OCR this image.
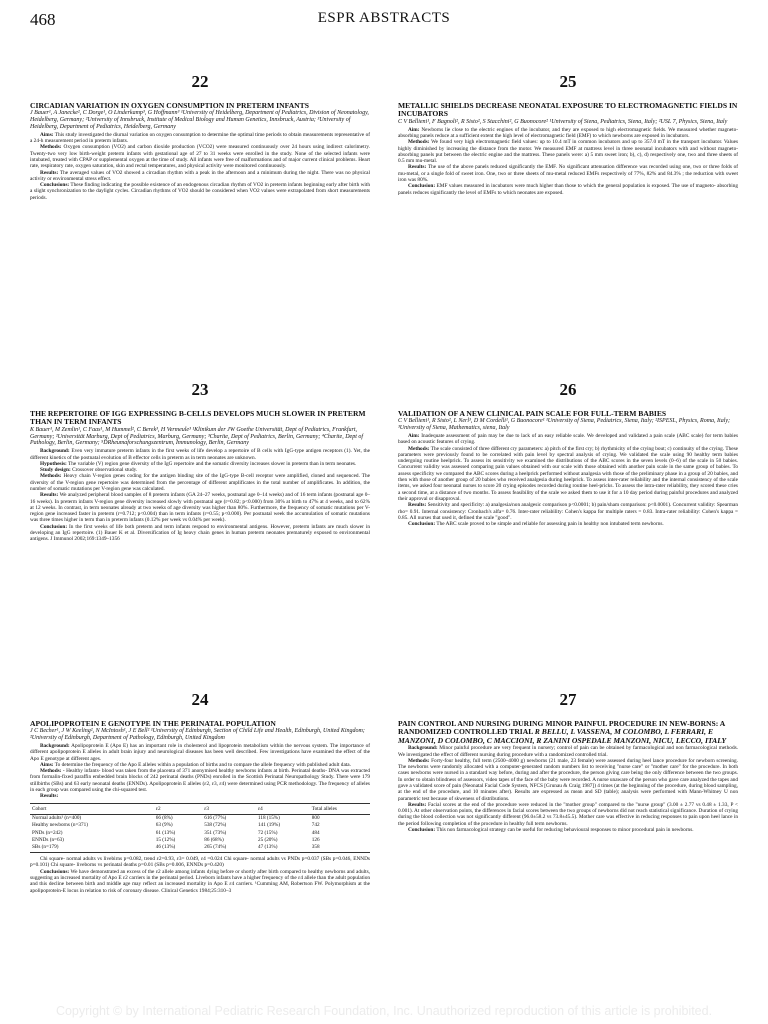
468	ESPR ABSTRACTS
22
CIRCADIAN VARIATION IN OXYGEN CONSUMPTION IN PRETERM INFANTS
J Bauer¹, A Janecke², C Dorge¹, O Linderkamp³, G Hoffmann³ ¹University of Heidelberg, Department of Pediatrics, Division of Neonatology, Heidelberg, Germany; ²University of Innsbruck, Institute of Medical Biology and Human Genetics, Innsbruck, Austria; ³University of Heidelberg, Department of Pediatrics, Heidelberg, Germany

Aims: This study investigated the diurnal variation on oxygen consumption to determine the optimal time periods to obtain measurements representative of a 24-h measurement period in preterm infants.

Methods: Oxygen consumption (VO2) and carbon dioxide production (VCO2) were measured continuously over 24 hours using indirect calorimetry. Twenty-two very low birth-weight preterm infants with gestational age of 27 to 31 weeks were enrolled in the study. None of the selected infants were intubated, treated with CPAP or supplemental oxygen at the time of study. All infants were free of malformations and of major current clinical problems. Heart rate, respiratory rate, oxygen saturation, skin and rectal temperatures, and physical activity were monitored continuously.

Results: The averaged values of VO2 showed a circadian rhythm with a peak in the afternoon and a minimum during the night. There was no physical activity or environmental stress effect.

Conclusions: These finding indicating the possible existence of an endogenous circadian rhythm of VO2 in preterm infants beginning early after birth with a slight synchronization to the daylight cycles. Circadian rhythms of VO2 should be considered when VO2 values were extrapolated from short measurements periods.

25
METALLIC SHIELDS DECREASE NEONATAL EXPOSURE TO ELECTROMAGNETIC FIELDS IN INCUBATORS
C V Bellieni¹, F Bagnoli², R Sisto², S Stacchini², G Buonocore² ¹University of Siena, Pediatrics, Siena, Italy; ²USL 7, Physics, Siena, Italy

Aim: Newborns lie close to the electric engines of the incubator, and they are exposed to high electromagnetic fields. We measured whether magneto-absorbing panels reduce at a sufficient extent the high level of electromagnetic field (EMF) to which newborns are exposed in incubators.

Methods: We found very high electromagnetic field values: up to 10.4 mT in common incubators and up to 357.0 mT in the transport incubator. Values highly diminished by increasing the distance from the motor. We measured EMF at mattress level in three neonatal incubators with and without magneto-absorbing panels put between the electric engine and the mattress. These panels were: a) 5 mm sweet iron; b), c), d) respectively one, two and three sheets of 0.5 mm mu-metal.

Results: The use of the above panels reduced significantly the EMF. No significant attenuation difference was recorded using one, two or three folds of mu-metal, or a single fold of sweet iron. One, two or three sheets of mu-metal reduced EMFs respectively of 77%, 82% and 84.3% ; the reduction with sweet iron was 80%.

Conclusion: EMF values measured in incubators were much higher than those to which the general population is exposed. The use of magneto- absorbing panels reduces significantly the level of EMFs to which neonates are exposed.

23
THE REPERTOIRE OF IGG EXPRESSING B-CELLS DEVELOPS MUCH SLOWER IN PRETERM THAN IN TERM INFANTS
K Bauer¹, M Zemlin¹, C Faas¹, M Hummel², C Berek³, H Vermeule³ ¹Klinikum der JW Goethe Universität, Dept of Pediatrics, Frankfurt, Germany; ²Universität Marburg, Dept of Pediatrics, Marburg, Germany; ³Charite, Dept of Pediatrics, Berlin, Germany; ⁴Charite, Dept of Pathology, Berlin, Germany; ⁵DRheumaforschungszentrum, Immunology, Berlin, Germany

Background: Even very immature preterm infants in the first weeks of life develop a repertoire of B cells with IgG-type antigen receptors (1). Yet, the different kinetics of the postnatal evolution of B effector cells in preterm as in term neonates are unknown.

Hypothesis: The variable (V) region gene diversity of the IgG repertoire and the somatic diversity increases slower in preterm than in term neonates.

Study design: Crossover observational study.

Methods: Heavy chain V-region genes coding for the antigen binding site of the IgG-type B-cell receptor were amplified, cloned and sequenced. The diversity of the V-region gene repertoire was determined from the percentage of different amplificates in the total number of amplificates. In addition, the number of somatic mutations per V-region gene was calculated.

Results: We analyzed peripheral blood samples of 8 preterm infants (GA 24–27 weeks, postnatal age 0–14 weeks) and of 16 term infants (postnatal age 0–16 weeks). In preterm infants V-region gene diversity increased slowly with postnatal age (r=0.82; p<0.000) from 30% at birth to 47% at 4 weeks, and to 62% at 12 weeks. In contrast, in term neonates already at two weeks of age diversity was higher than 80%. Furthermore, the frequency of somatic mutations per V-region gene increased faster in preterm (r=0.712; p<0.004) than in term infants (r=0.55; p<0.000). Per postnatal week the accumulation of somatic mutations was three times higher in term than in preterm infants (0.12% per week vs 0.04% per week).

Conclusion: In the first weeks of life both preterm and term infants respond to environmental antigens. However, preterm infants are much slower in developing an IgG repertoire. (1) Bauer K et al. Diversification of Ig heavy chain genes in human preterm neonates prematurely exposed to environmental antigens. J Immunol 2002;169:1349–1356

26
VALIDATION OF A NEW CLINICAL PAIN SCALE FOR FULL-TERM BABIES
C V Bellieni¹, R Sisto², L Nerl³, D M Cordelli¹, G Buonocore¹ ¹University of Siena, Pediatrics, Siena, Italy; ²ISPESL, Physics, Roma, Italy; ³University of Siena, Mathematics, siena, Italy

Aim: Inadequate assessment of pain may be due to lack of an easy reliable scale. We developed and validated a pain scale (ABC scale) for term babies based on acoustic features of crying.

Methods: The scale consisted of three different cry parameters: a) pitch of the first cry; b) rhythmicity of the crying bout; c) continuity of the crying. These parameters were previously found to be correlated with pain level by spectral analysis of crying. We validated the scale using 90 healthy term babies undergoing routine heelprick. To assess its sensitivity we examined the distributions of the ABC scores in the seven levels (0–6) of the scale in 50 babies. Concurrent validity was assessed comparing pain values obtained with our scale with those obtained with another pain scale in the same group of babies. To assess specificity we compared the ABC scores during a heelprick performed without analgesia with those of the preliminary phase in a group of 20 babies, and then with those of another group of 20 babies who received analgesia during heelprick. To assess inter-rater reliability and the internal consistency of the scale items, we asked four neonatal nurses to score 20 crying episodes recorded during routine heel-pricks. To assess the intra-rater reliability, they scored these cries a second time, at a distance of two months. To assess feasibility of the scale we asked them to use it for a 10 day period during painful procedures and analyzed their approval or disapproval.

Results: Sensitivity and specificity: a) analgesia/non analgesic comparison p<0.0001; b) pain/sham comparison: p<0.0001). Concurrent validity: Spearman rho= 0.91. Internal consistency: Cronbach's alfa= 0.76. Inter-rater reliability: Cohen's kappa for multiple raters = 0.83. Intra-rater reliability: Cohen's kappa = 0.85. All nurses that used it, defined the scale "good".

Conclusion: The ABC scale proved to be simple and reliable for assessing pain in healthy non intubated term newborns.

24
APOLIPOPROTEIN E GENOTYPE IN THE PERINATAL POPULATION
J C Becher¹, J W Keeling², N McIntosh¹, J E Bell² ¹University of Edinburgh, Section of Child Life and Health, Edinburgh, United Kingdom; ²University of Edinburgh, Department of Pathology, Edinburgh, United Kingdom

Background: Apolipoprotein E (Apo E) has an important role in cholesterol and lipoprotein metabolism within the nervous system. The importance of different apolipoprotein E alleles in adult brain injury and neurological diseases has been well described. Few investigations have examined the effect of the Apo E genotype at different ages.

Aims: To determine the frequency of the Apo E alleles within a population of births and to compare the allele frequency with published adult data.

Methods: - Healthy infants- blood was taken from the placenta of 371 anonymised healthy newborns infants at birth. Perinatal deaths- DNA was extracted from formalin-fixed paraffin embedded brain blocks of 242 perinatal deaths (PNDs) enrolled in the Scottish Perinatal Neuropathology Study. There were 179 stillbirths (SBs) and 63 early neonatal deaths (ENNDs). Apolipoprotein E alleles (ε2, ε3, ε4) were determined using PCR methodology. The frequency of alleles in each group was compared using the chi-squared test.

Results:

Cohort	ε2	ε3	ε4	Total alleles
Normal adults¹ (n=400)	66 (8%)	616 (77%)	118 (15%)	800
Healthy newborns (n=371)	63 (9%)	538 (72%)	141 (19%)	742
PNDs (n=242)	61 (13%)	351 (73%)	72 (15%)	484
ENNDs (n=63)	15 (12%)	86 (68%)	25 (20%)	126
SBs (n=179)	46 (13%)	265 (74%)	47 (13%)	358

Chi square- normal adults vs livebirns p=0.082, trend ε2=0.93, ε3= 0.049, ε4 =0.024 Chi square- normal adults vs PNDs p=0.037 (SBs p=0.046, ENNDs p=0.101) Chi square- liveborns vs perinatal deaths p=0.01 (SBs p=0.006, ENNDs p=0.420)

Conclusions: We have demonstrated an excess of the ε2 allele among infants dying before or shortly after birth compared to healthy newborns and adults, suggesting an increased mortality of Apo E ε2 carriers in the perinatal period. Liveborn infants have a higher frequency of the ε4 allele than the adult population and this decline between birth and middle age may reflect an increased mortality in Apo E ε4 carriers. ¹Cumming AM, Robertson FW. Polymorphism at the apolipoprotein-E locus in relation to risk of coronary disease. Clinical Genetics 1984;25:310–3

27
PAIN CONTROL AND NURSING DURING MINOR PAINFUL PROCEDURE IN NEW-BORNS: A RANDOMIZED CONTROLLED TRIAL R BELLU, L VASSENA, M COLOMBO, L FERRARI, E MANZONI, D COLOMBO, C MACCIONI, R ZANINI OSPEDALE MANZONI, NICU, LECCO, ITALY

Background: Minor painful procedure are very frequent in nursery; control of pain can be obtained by farmacological and non farmacological methods. We investigated the effect of different nursing during procedure with a randomized controlled trial.

Methods: Forty-four healthy, full term (2500–4000 g) newborns (21 male, 23 female) were assessed during heel lance procedure for newborn screening. The newborns were randomly allocated with a computer-generated random numbers list to receiving "nurse care" or "mother care" for the procedure. In both cases newborns were nursed in a standard way before, during and after the procedure, the person giving care being the only difference between the two groups. In order to obtain blindness of assessors, video tapes of the face of the baby were recorded. A nurse unaware of the person who gave care analyzed the tapes and gave a validated score of pain (Neonatal Facial Code System, NFCS [Grunau & Craig 1987]) 4 times (at the beginning of the procedure, during blood sampling, at the end of the procedure, and 10 minutes after). Results are expressed as mean and SD (table); analysis were performed with Mann-Whitney U non parametric test because of skweness of distributions.

Results: Facial scores at the end of the procedure were reduced in the "mother group" compared to the "nurse group" (3.00 ± 2.77 vs 0.48 ± 1.33, P < 0.001). At other observation points, the differences in facial scores between the two groups of newborns did not reach statistical significance. Duration of crying during the blood collection was not significantly different (96.0±58.2 vs 73.8±45.5). Mother care was effective in reducing responses to pain upon heel lance in the period following completion of the procedure in healthy full term newborns.

Conclusion: This non farmacological strategy can be useful for reducing behavioural responses to minor procedural pain in newborns.

Copyright © by International Pediatric Research Foundation, Inc. Unauthorized reproduction of this article is prohibited.
